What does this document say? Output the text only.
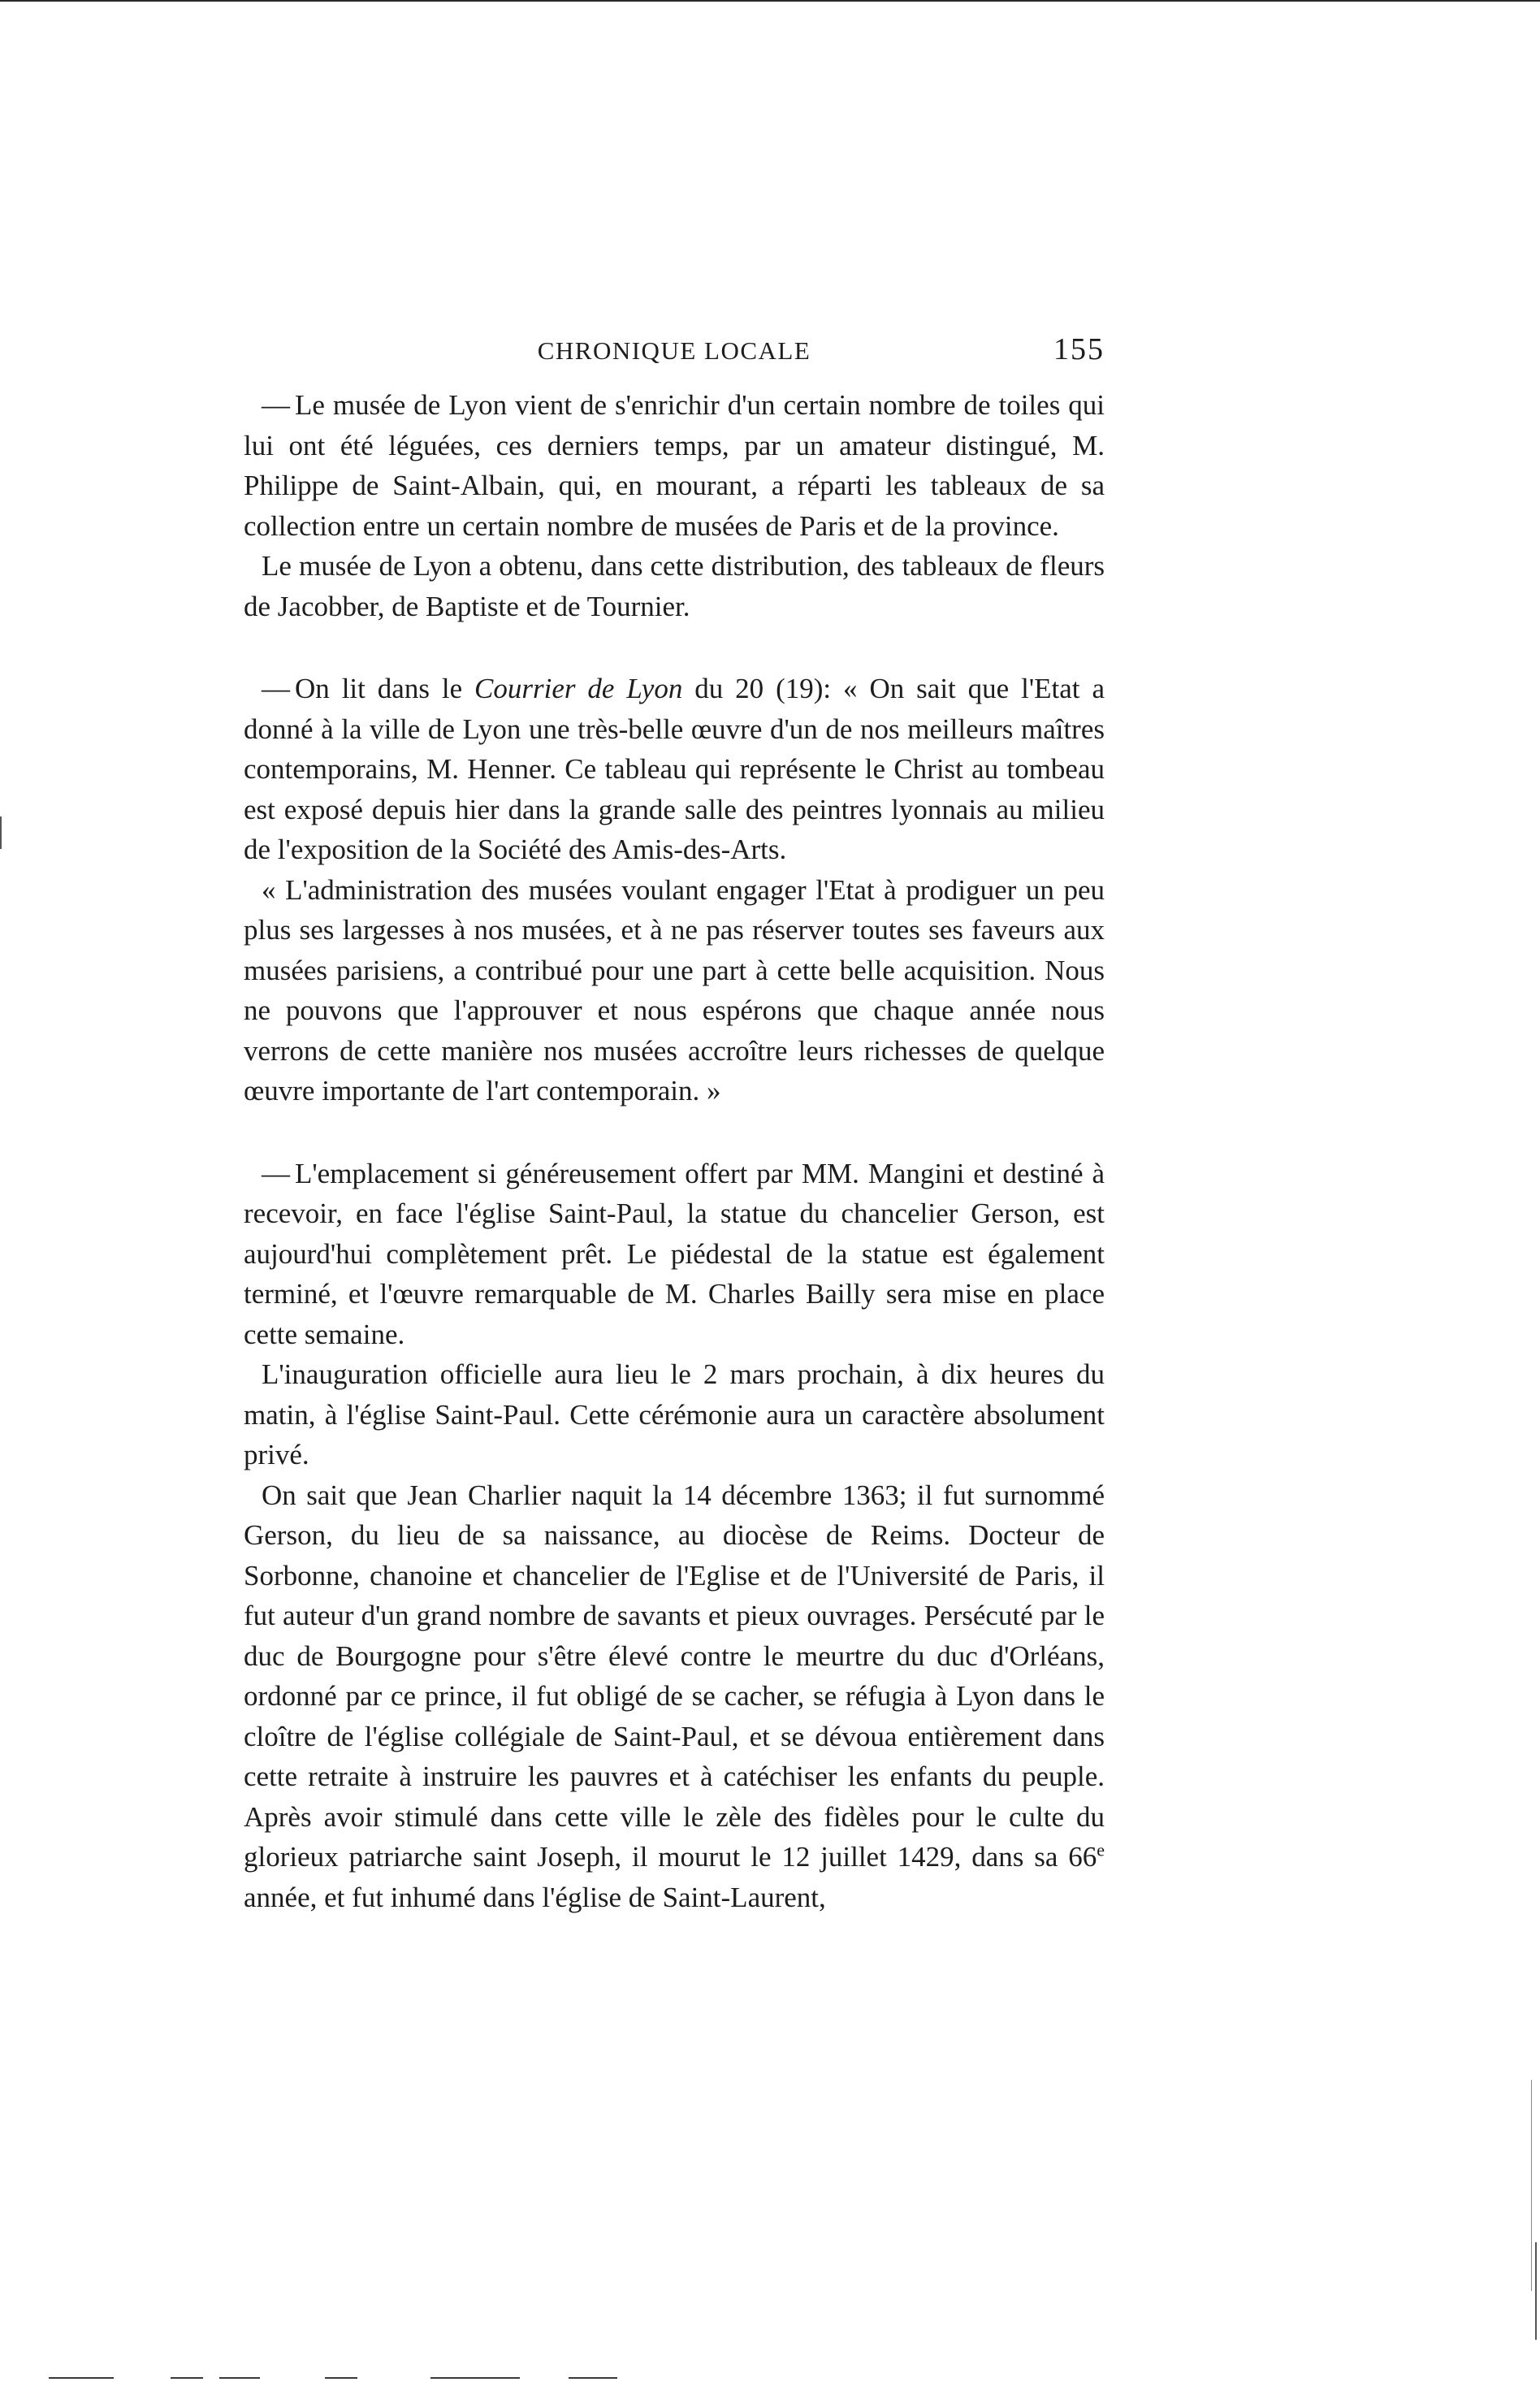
CHRONIQUE LOCALE	155

— Le musée de Lyon vient de s'enrichir d'un certain nombre de toiles qui lui ont été léguées, ces derniers temps, par un amateur distingué, M. Philippe de Saint-Albain, qui, en mourant, a réparti les tableaux de sa collection entre un certain nombre de musées de Paris et de la province.

Le musée de Lyon a obtenu, dans cette distribution, des tableaux de fleurs de Jacobber, de Baptiste et de Tournier.

— On lit dans le Courrier de Lyon du 20 (19): « On sait que l'Etat a donné à la ville de Lyon une très-belle œuvre d'un de nos meilleurs maîtres contemporains, M. Henner. Ce tableau qui représente le Christ au tombeau est exposé depuis hier dans la grande salle des peintres lyonnais au milieu de l'exposition de la Société des Amis-des-Arts.

« L'administration des musées voulant engager l'Etat à prodiguer un peu plus ses largesses à nos musées, et à ne pas réserver toutes ses faveurs aux musées parisiens, a contribué pour une part à cette belle acquisition. Nous ne pouvons que l'approuver et nous espérons que chaque année nous verrons de cette manière nos musées accroître leurs richesses de quelque œuvre importante de l'art contemporain. »

— L'emplacement si généreusement offert par MM. Mangini et destiné à recevoir, en face l'église Saint-Paul, la statue du chancelier Gerson, est aujourd'hui complètement prêt. Le piédestal de la statue est également terminé, et l'œuvre remarquable de M. Charles Bailly sera mise en place cette semaine.

L'inauguration officielle aura lieu le 2 mars prochain, à dix heures du matin, à l'église Saint-Paul. Cette cérémonie aura un caractère absolument privé.

On sait que Jean Charlier naquit la 14 décembre 1363; il fut surnommé Gerson, du lieu de sa naissance, au diocèse de Reims. Docteur de Sorbonne, chanoine et chancelier de l'Eglise et de l'Université de Paris, il fut auteur d'un grand nombre de savants et pieux ouvrages. Persécuté par le duc de Bourgogne pour s'être élevé contre le meurtre du duc d'Orléans, ordonné par ce prince, il fut obligé de se cacher, se réfugia à Lyon dans le cloître de l'église collégiale de Saint-Paul, et se dévoua entièrement dans cette retraite à instruire les pauvres et à catéchiser les enfants du peuple. Après avoir stimulé dans cette ville le zèle des fidèles pour le culte du glorieux patriarche saint Joseph, il mourut le 12 juillet 1429, dans sa 66e année, et fut inhumé dans l'église de Saint-Laurent,
